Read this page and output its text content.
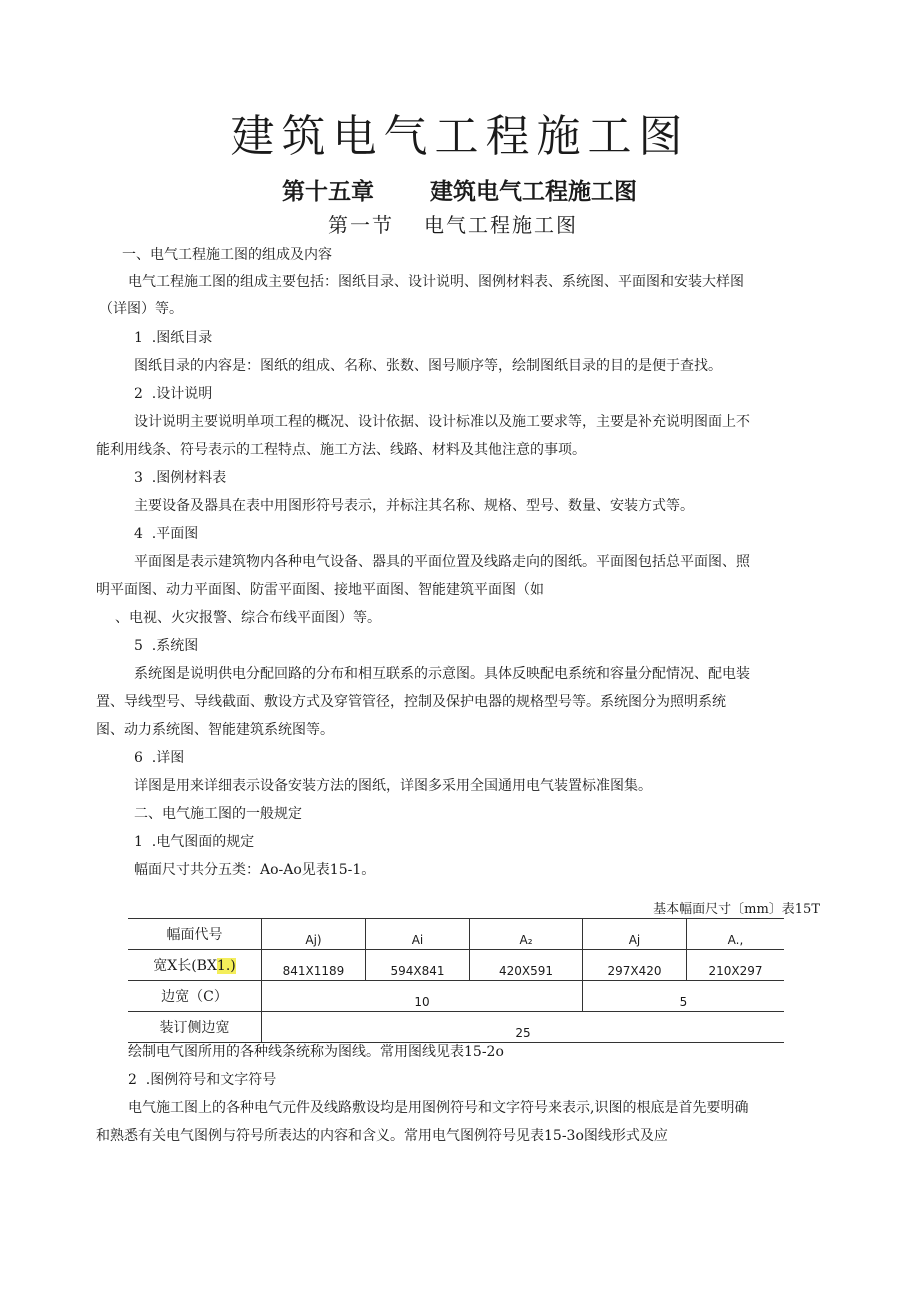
建筑电气工程施工图
第十五章 建筑电气工程施工图
第一节 电气工程施工图
一、电气工程施工图的组成及内容
电气工程施工图的组成主要包括：图纸目录、设计说明、图例材料表、系统图、平面图和安装大样图
（详图）等。
1  .图纸目录
图纸目录的内容是：图纸的组成、名称、张数、图号顺序等，绘制图纸目录的目的是便于查找。
2  .设计说明
设计说明主要说明单项工程的概况、设计依据、设计标准以及施工要求等，主要是补充说明图面上不
能利用线条、符号表示的工程特点、施工方法、线路、材料及其他注意的事项。
3  .图例材料表
主要设备及器具在表中用图形符号表示，并标注其名称、规格、型号、数量、安装方式等。
4  .平面图
平面图是表示建筑物内各种电气设备、器具的平面位置及线路走向的图纸。平面图包括总平面图、照
明平面图、动力平面图、防雷平面图、接地平面图、智能建筑平面图（如
、电视、火灾报警、综合布线平面图）等。
5  .系统图
系统图是说明供电分配回路的分布和相互联系的示意图。具体反映配电系统和容量分配情况、配电装
置、导线型号、导线截面、敷设方式及穿管管径，控制及保护电器的规格型号等。系统图分为照明系统
图、动力系统图、智能建筑系统图等。
6  .详图
详图是用来详细表示设备安装方法的图纸，详图多采用全国通用电气装置标准图集。
二、电气施工图的一般规定
1  .电气图面的规定
幅面尺寸共分五类：Ao-Ao见表15-1。
基本幅面尺寸〔mm〕表15T
幅面代号	Aj)	Ai	A₂	Aj	A.,
宽X长(BX1.)	841X1189	594X841	420X591	297X420	210X297
边宽（C）	10			5	
装订侧边宽	25				
绘制电气图所用的各种线条统称为图线。常用图线见表15-2o
2  .图例符号和文字符号
电气施工图上的各种电气元件及线路敷设均是用图例符号和文字符号来表示,识图的根底是首先要明确
和熟悉有关电气图例与符号所表达的内容和含义。常用电气图例符号见表15-3o图线形式及应
